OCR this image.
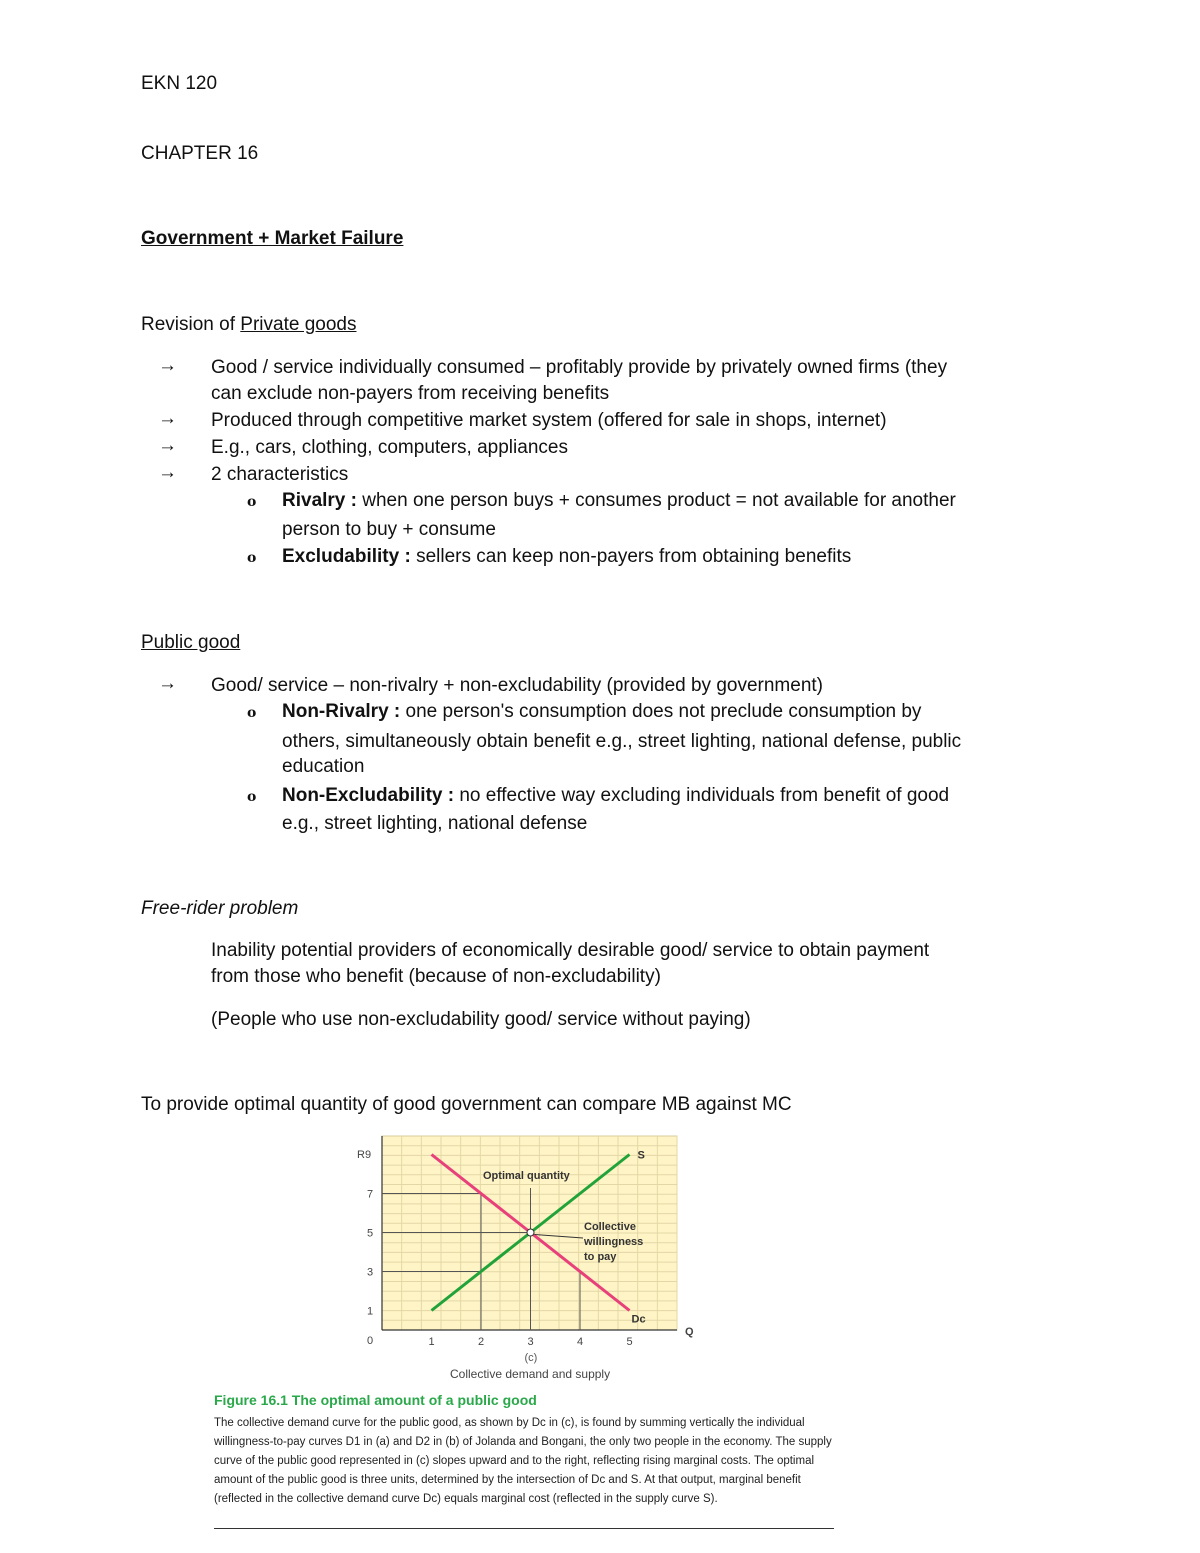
EKN 120
CHAPTER 16
Government + Market Failure
Revision of Private goods
→ Good / service individually consumed – profitably provide by privately owned firms (they
can exclude non-payers from receiving benefits
→ Produced through competitive market system (offered for sale in shops, internet)
→ E.g., cars, clothing, computers, appliances
→ 2 characteristics
o Rivalry : when one person buys + consumes product = not available for another
person to buy + consume
o Excludability : sellers can keep non-payers from obtaining benefits
Public good
→ Good/ service – non-rivalry + non-excludability (provided by government)
o Non-Rivalry : one person's consumption does not preclude consumption by
others, simultaneously obtain benefit e.g., street lighting, national defense, public
education
o Non-Excludability : no effective way excluding individuals from benefit of good
e.g., street lighting, national defense
Free-rider problem
Inability potential providers of economically desirable good/ service to obtain payment
from those who benefit (because of non-excludability)
(People who use non-excludability good/ service without paying)
To provide optimal quantity of good government can compare MB against MC
S
Dc
Optimal quantity
Collective willingness to pay
R9
Q
0	1	2	3	4	5
1
3
5
7
(c)
Collective demand and supply
Figure 16.1 The optimal amount of a public good
The collective demand curve for the public good, as shown by Dc in (c), is found by summing vertically the individual willingness-to-pay curves D1 in (a) and D2 in (b) of Jolanda and Bongani, the only two people in the economy. The supply curve of the public good represented in (c) slopes upward and to the right, reflecting rising marginal costs. The optimal amount of the public good is three units, determined by the intersection of Dc and S. At that output, marginal benefit (reflected in the collective demand curve Dc) equals marginal cost (reflected in the supply curve S).
